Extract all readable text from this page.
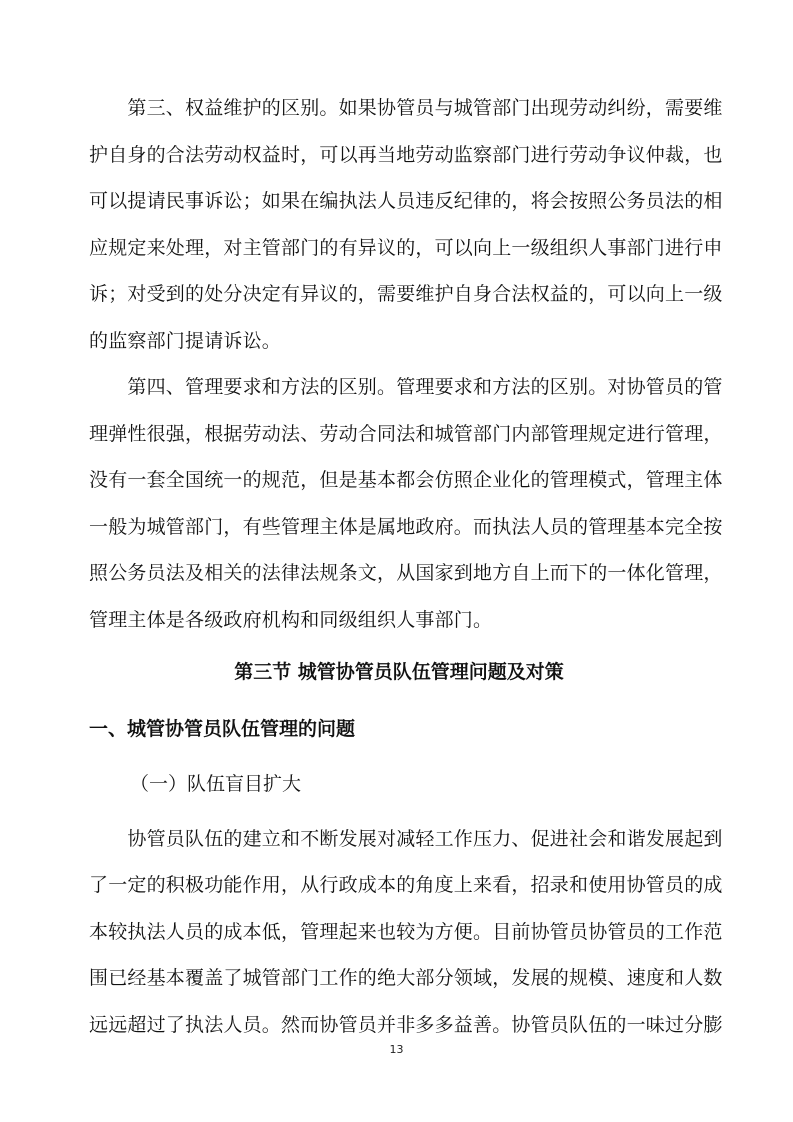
　　第三、权益维护的区别。如果协管员与城管部门出现劳动纠纷，需要维
护自身的合法劳动权益时，可以再当地劳动监察部门进行劳动争议仲裁，也
可以提请民事诉讼；如果在编执法人员违反纪律的，将会按照公务员法的相
应规定来处理，对主管部门的有异议的，可以向上一级组织人事部门进行申
诉；对受到的处分决定有异议的，需要维护自身合法权益的，可以向上一级
的监察部门提请诉讼。
　　第四、管理要求和方法的区别。管理要求和方法的区别。对协管员的管
理弹性很强，根据劳动法、劳动合同法和城管部门内部管理规定进行管理，
没有一套全国统一的规范，但是基本都会仿照企业化的管理模式，管理主体
一般为城管部门，有些管理主体是属地政府。而执法人员的管理基本完全按
照公务员法及相关的法律法规条文，从国家到地方自上而下的一体化管理，
管理主体是各级政府机构和同级组织人事部门。
第三节 城管协管员队伍管理问题及对策
一、城管协管员队伍管理的问题
（一）队伍盲目扩大
　　协管员队伍的建立和不断发展对减轻工作压力、促进社会和谐发展起到
了一定的积极功能作用，从行政成本的角度上来看，招录和使用协管员的成
本较执法人员的成本低，管理起来也较为方便。目前协管员协管员的工作范
围已经基本覆盖了城管部门工作的绝大部分领域，发展的规模、速度和人数
远远超过了执法人员。然而协管员并非多多益善。协管员队伍的一味过分膨
13
